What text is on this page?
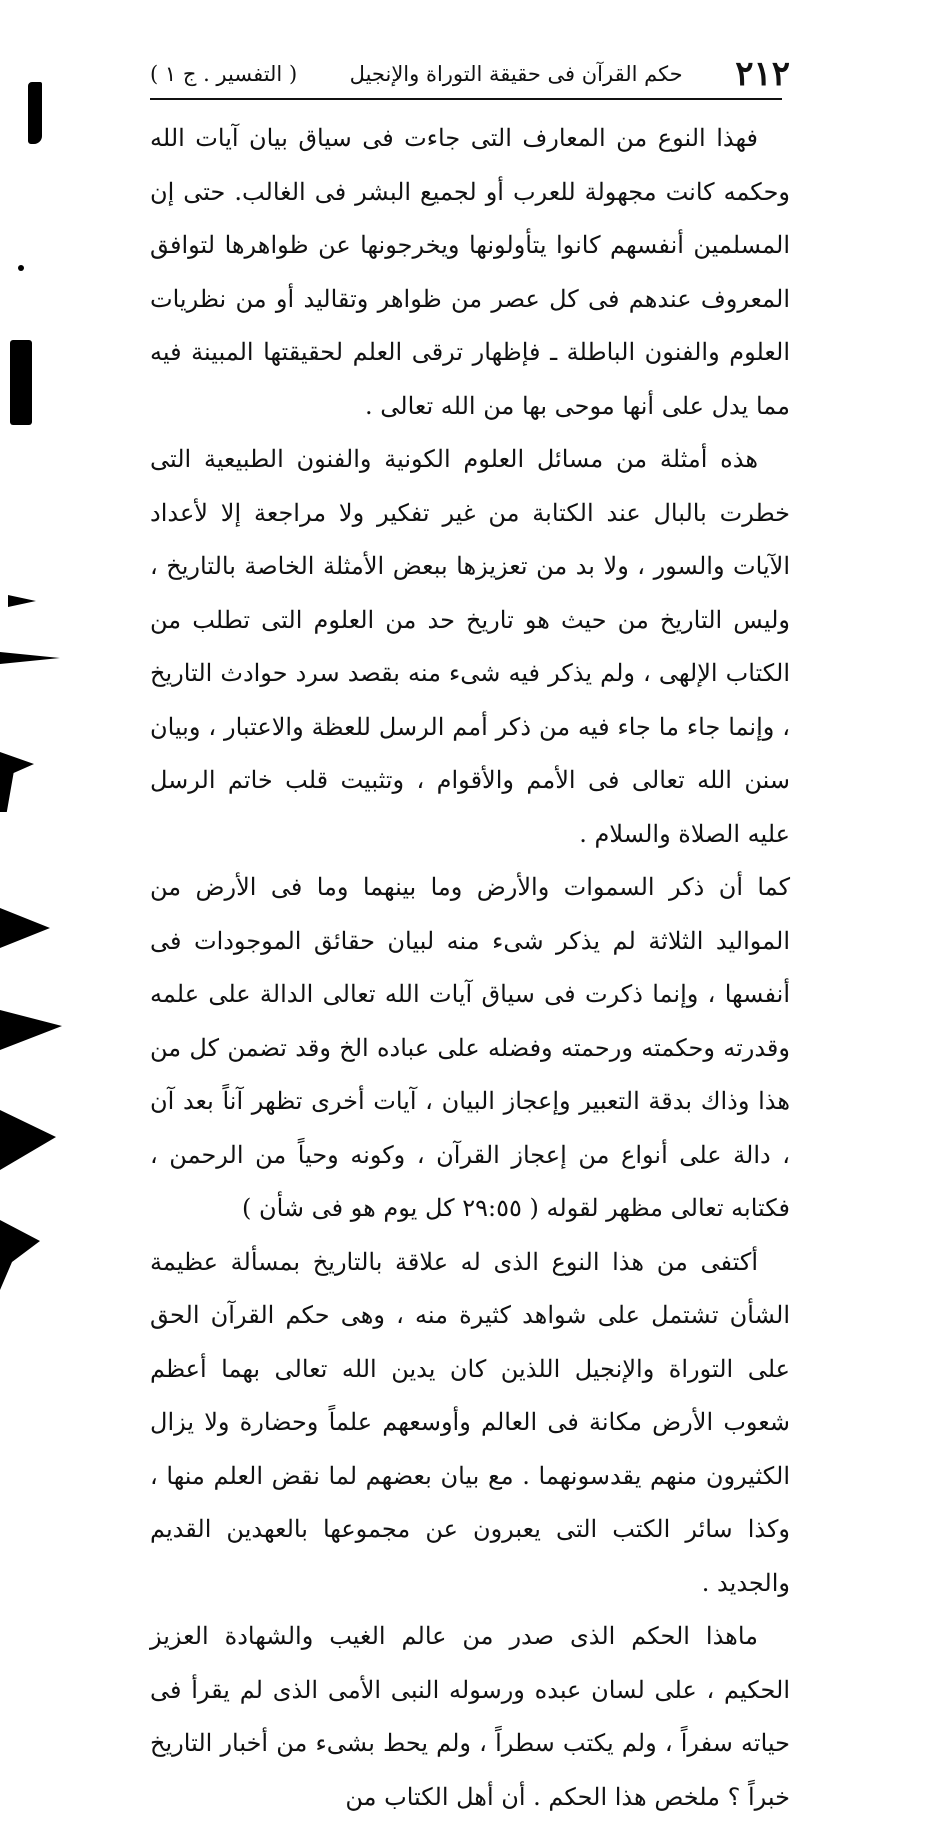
٢١٢
حكم القرآن فى حقيقة التوراة والإنجيل
( التفسير . ج ١ )

فهذا النوع من المعارف التى جاءت فى سياق بيان آيات الله وحكمه كانت مجهولة للعرب أو لجميع البشر فى الغالب. حتى إن المسلمين أنفسهم كانوا يتأولونها ويخرجونها عن ظواهرها لتوافق المعروف عندهم فى كل عصر من ظواهر وتقاليد أو من نظريات العلوم والفنون الباطلة ـ فإظهار ترقى العلم لحقيقتها المبينة فيه مما يدل على أنها موحى بها من الله تعالى .

هذه أمثلة من مسائل العلوم الكونية والفنون الطبيعية التى خطرت بالبال عند الكتابة من غير تفكير ولا مراجعة إلا لأعداد الآيات والسور ، ولا بد من تعزيزها ببعض الأمثلة الخاصة بالتاريخ ، وليس التاريخ من حيث هو تاريخ حد من العلوم التى تطلب من الكتاب الإلهى ، ولم يذكر فيه شىء منه بقصد سرد حوادث التاريخ ، وإنما جاء ما جاء فيه من ذكر أمم الرسل للعظة والاعتبار ، وبيان سنن الله تعالى فى الأمم والأقوام ، وتثبيت قلب خاتم الرسل عليه الصلاة والسلام .

كما أن ذكر السموات والأرض وما بينهما وما فى الأرض من المواليد الثلاثة لم يذكر شىء منه لبيان حقائق الموجودات فى أنفسها ، وإنما ذكرت فى سياق آيات الله تعالى الدالة على علمه وقدرته وحكمته ورحمته وفضله على عباده الخ وقد تضمن كل من هذا وذاك بدقة التعبير وإعجاز البيان ، آيات أخرى تظهر آناً بعد آن ، دالة على أنواع من إعجاز القرآن ، وكونه وحياً من الرحمن ، فكتابه تعالى مظهر لقوله ( ٢٩:٥٥ كل يوم هو فى شأن )

أكتفى من هذا النوع الذى له علاقة بالتاريخ بمسألة عظيمة الشأن تشتمل على شواهد كثيرة منه ، وهى حكم القرآن الحق على التوراة والإنجيل اللذين كان يدين الله تعالى بهما أعظم شعوب الأرض مكانة فى العالم وأوسعهم علماً وحضارة ولا يزال الكثيرون منهم يقدسونهما . مع بيان بعضهم لما نقض العلم منها ، وكذا سائر الكتب التى يعبرون عن مجموعها بالعهدين القديم والجديد .

ماهذا الحكم الذى صدر من عالم الغيب والشهادة العزيز الحكيم ، على لسان عبده ورسوله النبى الأمى الذى لم يقرأ فى حياته سفراً ، ولم يكتب سطراً ، ولم يحط بشىء من أخبار التاريخ خبراً ؟ ملخص هذا الحكم . أن أهل الكتاب من
